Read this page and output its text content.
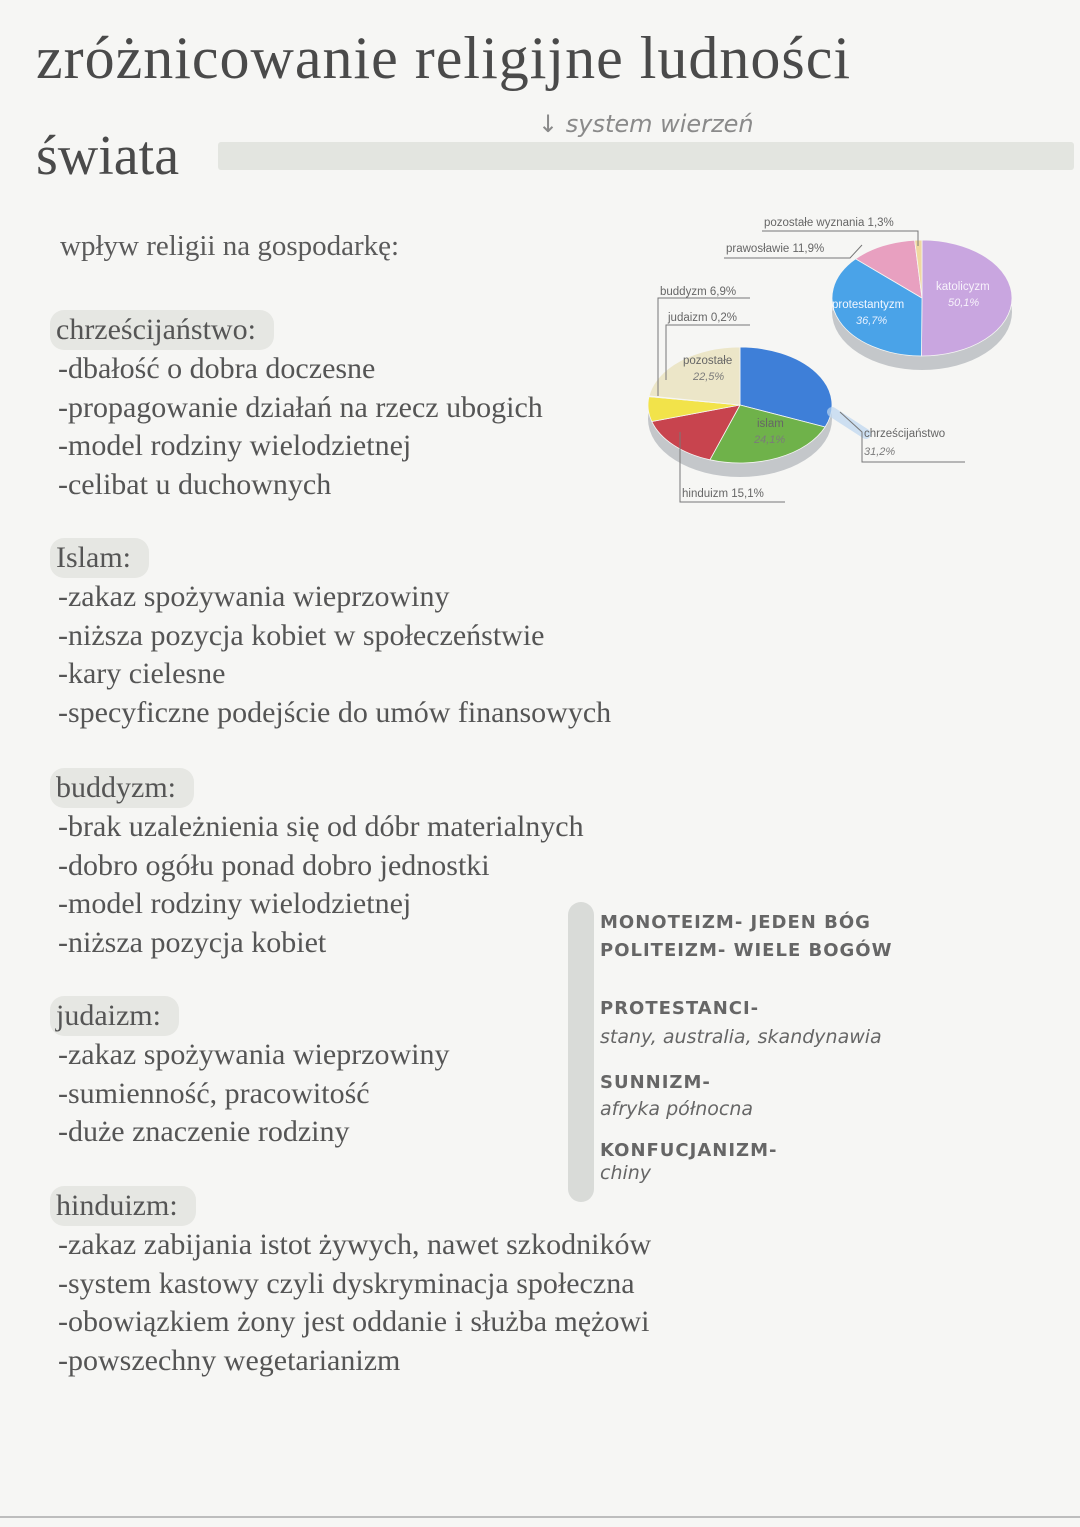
zróżnicowanie religijne ludności
świata
↓ system wierzeń
wpływ religii na gospodarkę:
chrześcijaństwo:
-dbałość o dobra doczesne
-propagowanie działań na rzecz ubogich
-model rodziny wielodzietnej
-celibat u duchownych
Islam:
-zakaz spożywania wieprzowiny
-niższa pozycja kobiet w społeczeństwie
-kary cielesne
-specyficzne podejście do umów finansowych
buddyzm:
-brak uzależnienia się od dóbr materialnych
-dobro ogółu ponad dobro jednostki
-model rodziny wielodzietnej
-niższa pozycja kobiet
judaizm:
-zakaz spożywania wieprzowiny
-sumienność, pracowitość
-duże znaczenie rodziny
hinduizm:
-zakaz zabijania istot żywych, nawet szkodników
-system kastowy czyli dyskryminacja społeczna
-obowiązkiem żony jest oddanie i służba mężowi
-powszechny wegetarianizm
buddyzm 6,9%
judaizm 0,2%
pozostałe
22,5%
islam
24,1%
hinduizm 15,1%
chrześcijaństwo
31,2%
pozostałe wyznania 1,3%
prawosławie 11,9%
protestantyzm
36,7%
katolicyzm
50,1%
MONOTEIZM- JEDEN BÓG
POLITEIZM- WIELE BOGÓW
PROTESTANCI-
stany, australia, skandynawia
SUNNIZM-
afryka północna
KONFUCJANIZM-
chiny
